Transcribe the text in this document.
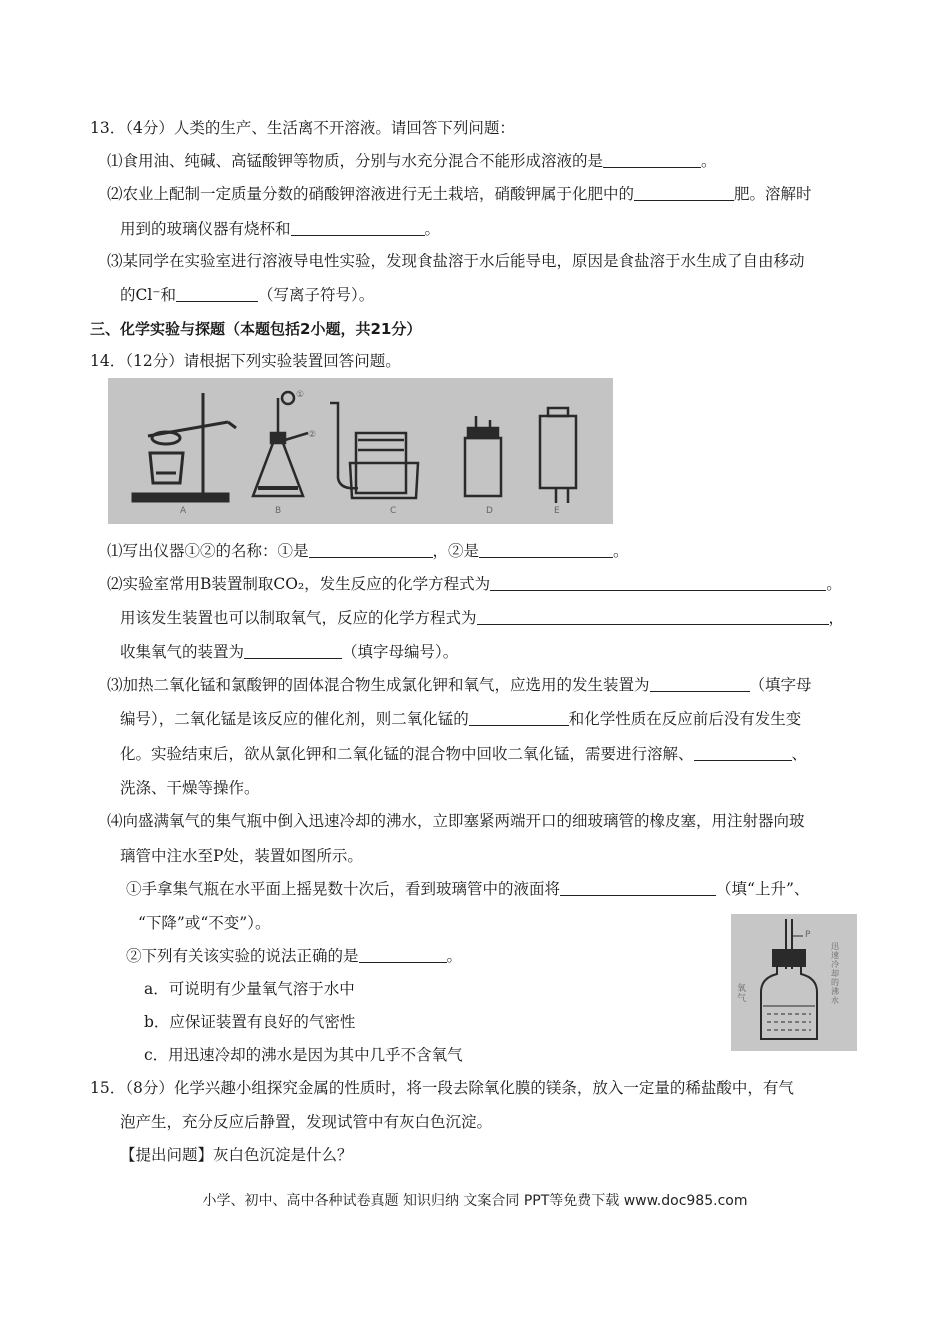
13．（4分）人类的生产、生活离不开溶液。请回答下列问题：
⑴食用油、纯碱、高锰酸钾等物质，分别与水充分混合不能形成溶液的是	。
⑵农业上配制一定质量分数的硝酸钾溶液进行无土栽培，硝酸钾属于化肥中的	肥。溶解时
用到的玻璃仪器有烧杯和	。
⑶某同学在实验室进行溶液导电性实验，发现食盐溶于水后能导电，原因是食盐溶于水生成了自由移动
的Cl⁻和	（写离子符号）。
三、化学实验与探题（本题包括2小题，共21分）
14．（12分）请根据下列实验装置回答问题。
A	B	C	D	E
①
②
⑴写出仪器①②的名称：①是	，②是	。
⑵实验室常用B装置制取CO₂，发生反应的化学方程式为	。
用该发生装置也可以制取氧气，反应的化学方程式为	，
收集氧气的装置为	（填字母编号）。
⑶加热二氧化锰和氯酸钾的固体混合物生成氯化钾和氧气，应选用的发生装置为	（填字母
编号），二氧化锰是该反应的催化剂，则二氧化锰的	和化学性质在反应前后没有发生变
化。实验结束后，欲从氯化钾和二氧化锰的混合物中回收二氧化锰，需要进行溶解、	、
洗涤、干燥等操作。
⑷向盛满氧气的集气瓶中倒入迅速冷却的沸水，立即塞紧两端开口的细玻璃管的橡皮塞，用注射器向玻
璃管中注水至P处，装置如图所示。
①手拿集气瓶在水平面上摇晃数十次后，看到玻璃管中的液面将	（填“上升”、
“下降”或“不变”）。
②下列有关该实验的说法正确的是	。
a．可说明有少量氧气溶于水中
b．应保证装置有良好的气密性
c．用迅速冷却的沸水是因为其中几乎不含氧气
P
氧气
迅速冷却的沸水
15．（8分）化学兴趣小组探究金属的性质时，将一段去除氧化膜的镁条，放入一定量的稀盐酸中，有气
泡产生，充分反应后静置，发现试管中有灰白色沉淀。
【提出问题】灰白色沉淀是什么？
小学、初中、高中各种试卷真题 知识归纳 文案合同 PPT等免费下载 www.doc985.com
